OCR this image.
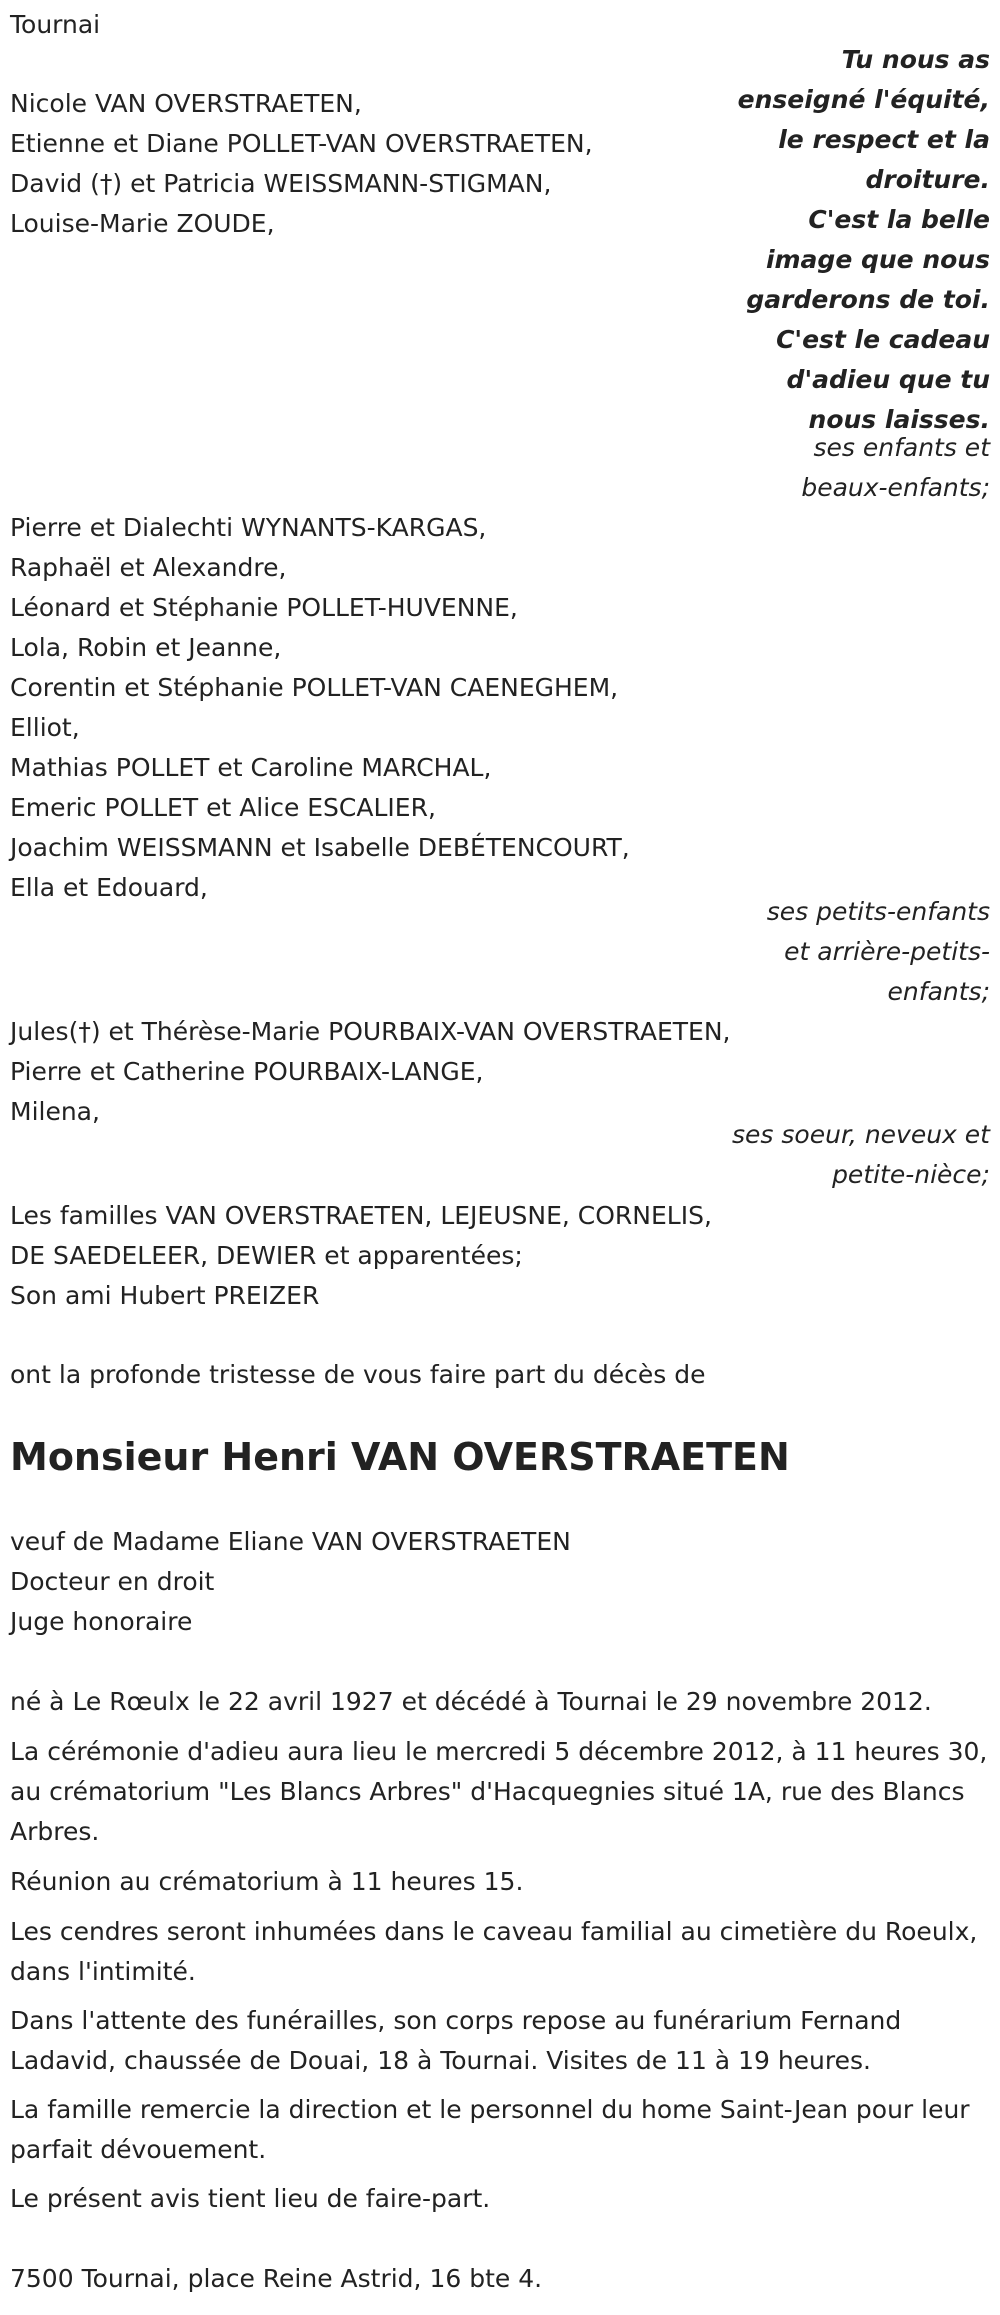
Tournai
Tu nous as
enseigné l'équité,
le respect et la
droiture.
C'est la belle
image que nous
garderons de toi.
C'est le cadeau
d'adieu que tu
nous laisses.
Nicole VAN OVERSTRAETEN,
Etienne et Diane POLLET-VAN OVERSTRAETEN,
David (†) et Patricia WEISSMANN-STIGMAN,
Louise-Marie ZOUDE,
ses enfants et
beaux-enfants;
Pierre et Dialechti WYNANTS-KARGAS,
Raphaël et Alexandre,
Léonard et Stéphanie POLLET-HUVENNE,
Lola, Robin et Jeanne,
Corentin et Stéphanie POLLET-VAN CAENEGHEM,
Elliot,
Mathias POLLET et Caroline MARCHAL,
Emeric POLLET et Alice ESCALIER,
Joachim WEISSMANN et Isabelle DEBÉTENCOURT,
Ella et Edouard,
ses petits-enfants
et arrière-petits-
enfants;
Jules(†) et Thérèse-Marie POURBAIX-VAN OVERSTRAETEN,
Pierre et Catherine POURBAIX-LANGE,
Milena,
ses soeur, neveux et
petite-nièce;
Les familles VAN OVERSTRAETEN, LEJEUSNE, CORNELIS,
DE SAEDELEER, DEWIER et apparentées;
Son ami Hubert PREIZER
ont la profonde tristesse de vous faire part du décès de
Monsieur Henri VAN OVERSTRAETEN
veuf de Madame Eliane VAN OVERSTRAETEN
Docteur en droit
Juge honoraire
né à Le Rœulx le 22 avril 1927 et décédé à Tournai le 29 novembre 2012.
La cérémonie d'adieu aura lieu le mercredi 5 décembre 2012, à 11 heures 30, au crématorium "Les Blancs Arbres" d'Hacquegnies situé 1A, rue des Blancs Arbres.
Réunion au crématorium à 11 heures 15.
Les cendres seront inhumées dans le caveau familial au cimetière du Roeulx, dans l'intimité.
Dans l'attente des funérailles, son corps repose au funérarium Fernand Ladavid, chaussée de Douai, 18 à Tournai. Visites de 11 à 19 heures.
La famille remercie la direction et le personnel du home Saint-Jean pour leur parfait dévouement.
Le présent avis tient lieu de faire-part.
7500 Tournai, place Reine Astrid, 16 bte 4.
